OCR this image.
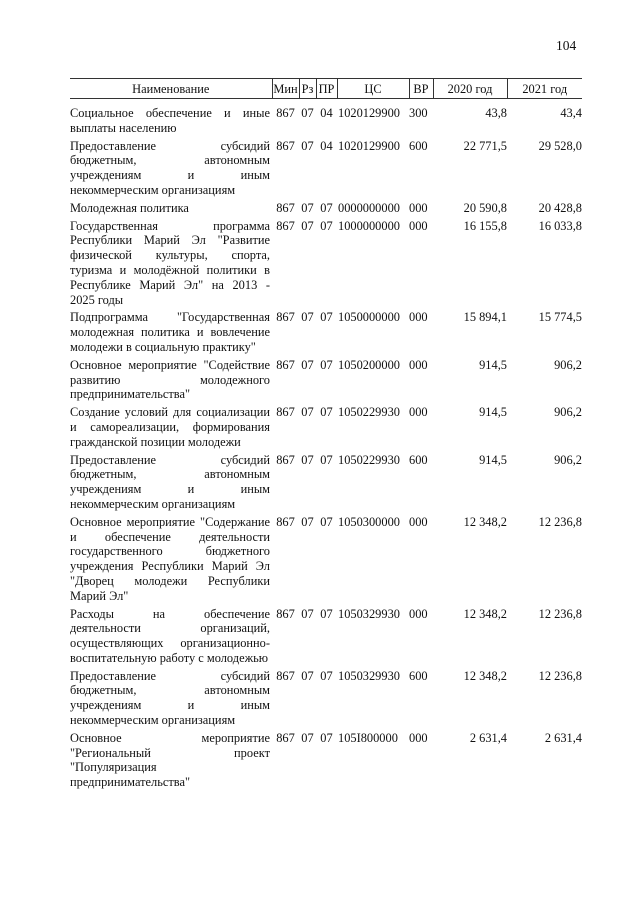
104
Наименование	Мин	Рз	ПР	ЦС	ВР	2020 год	2021 год
Социальное обеспечение и иные выплаты населению	867	07	04	1020129900	300	43,8	43,4
Предоставление субсидий бюджетным, автономным учреждениям и иным некоммерческим организациям	867	07	04	1020129900	600	22 771,5	29 528,0
Молодежная политика	867	07	07	0000000000	000	20 590,8	20 428,8
Государственная программа Республики Марий Эл "Развитие физической культуры, спорта, туризма и молодёжной политики в Республике Марий Эл" на 2013 - 2025 годы	867	07	07	1000000000	000	16 155,8	16 033,8
Подпрограмма "Государственная молодежная политика и вовлечение молодежи в социальную практику"	867	07	07	1050000000	000	15 894,1	15 774,5
Основное мероприятие "Содействие развитию молодежного предпринимательства"	867	07	07	1050200000	000	914,5	906,2
Создание условий для социализации и самореализации, формирования гражданской позиции молодежи	867	07	07	1050229930	000	914,5	906,2
Предоставление субсидий бюджетным, автономным учреждениям и иным некоммерческим организациям	867	07	07	1050229930	600	914,5	906,2
Основное мероприятие "Содержание и обеспечение деятельности государственного бюджетного учреждения Республики Марий Эл "Дворец молодежи Республики Марий Эл"	867	07	07	1050300000	000	12 348,2	12 236,8
Расходы на обеспечение деятельности организаций, осуществляющих организационно-воспитательную работу с молодежью	867	07	07	1050329930	000	12 348,2	12 236,8
Предоставление субсидий бюджетным, автономным учреждениям и иным некоммерческим организациям	867	07	07	1050329930	600	12 348,2	12 236,8
Основное мероприятие "Региональный проект "Популяризация предпринимательства"	867	07	07	105I800000	000	2 631,4	2 631,4
